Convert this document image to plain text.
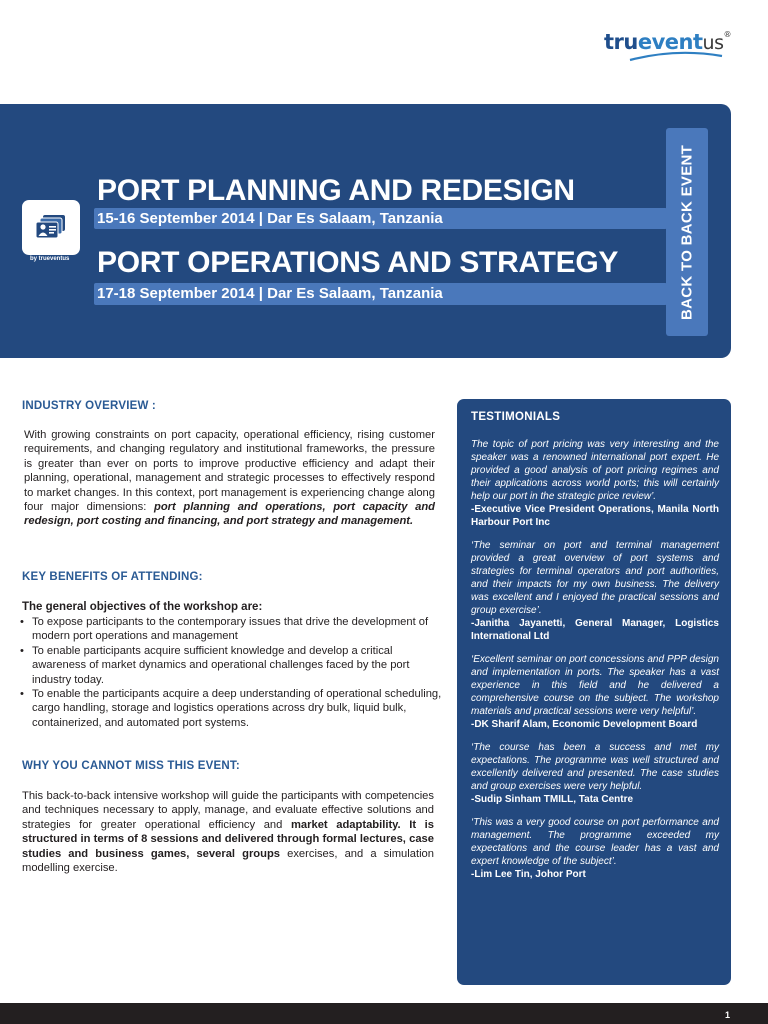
trueventus®
by trueventus
PORT PLANNING AND REDESIGN
15-16 September 2014 | Dar Es Salaam, Tanzania
PORT OPERATIONS AND STRATEGY
17-18 September 2014 | Dar Es Salaam, Tanzania	BACK TO BACK EVENT
INDUSTRY OVERVIEW :
With growing constraints on port capacity, operational efficiency, rising customer requirements, and changing regulatory and institutional frameworks, the pressure is greater than ever on ports to improve productive efficiency and adapt their planning, operational, management and strategic processes to effectively respond to market changes. In this context, port management is experiencing change along four major dimensions: port planning and operations, port capacity and redesign, port costing and financing, and port strategy and management.
KEY BENEFITS OF ATTENDING:
The general objectives of the workshop are:
• To expose participants to the contemporary issues that drive the development of modern port operations and management
• To enable participants acquire sufficient knowledge and develop a critical awareness of market dynamics and operational challenges faced by the port industry today.
• To enable the participants acquire a deep understanding of operational scheduling, cargo handling, storage and logistics operations across dry bulk, liquid bulk, containerized, and automated port systems.
WHY YOU CANNOT MISS THIS EVENT:
This back-to-back intensive workshop will guide the participants with competencies and techniques necessary to apply, manage, and evaluate effective solutions and strategies for greater operational efficiency and market adaptability. It is structured in terms of 8 sessions and delivered through formal lectures, case studies and business games, several groups exercises, and a simulation modelling exercise.
TESTIMONIALS
The topic of port pricing was very interesting and the speaker was a renowned international port expert. He provided a good analysis of port pricing regimes and their applications across world ports; this will certainly help our port in the strategic price review’.
-Executive Vice President Operations, Manila North Harbour Port Inc
‘The seminar on port and terminal management provided a great overview of port systems and strategies for terminal operators and port authorities, and their impacts for my own business. The delivery was excellent and I enjoyed the practical sessions and group exercise’.
-Janitha Jayanetti, General Manager, Logistics International Ltd
‘Excellent seminar on port concessions and PPP design and implementation in ports. The speaker has a vast experience in this field and he delivered a comprehensive course on the subject. The workshop materials and practical sessions were very helpful’.
-DK Sharif Alam, Economic Development Board
‘The course has been a success and met my expectations. The programme was well structured and excellently delivered and presented. The case studies and group exercises were very helpful.
-Sudip Sinham TMILL, Tata Centre
‘This was a very good course on port performance and management. The programme exceeded my expectations and the course leader has a vast and expert knowledge of the subject’.
-Lim Lee Tin, Johor Port
1
